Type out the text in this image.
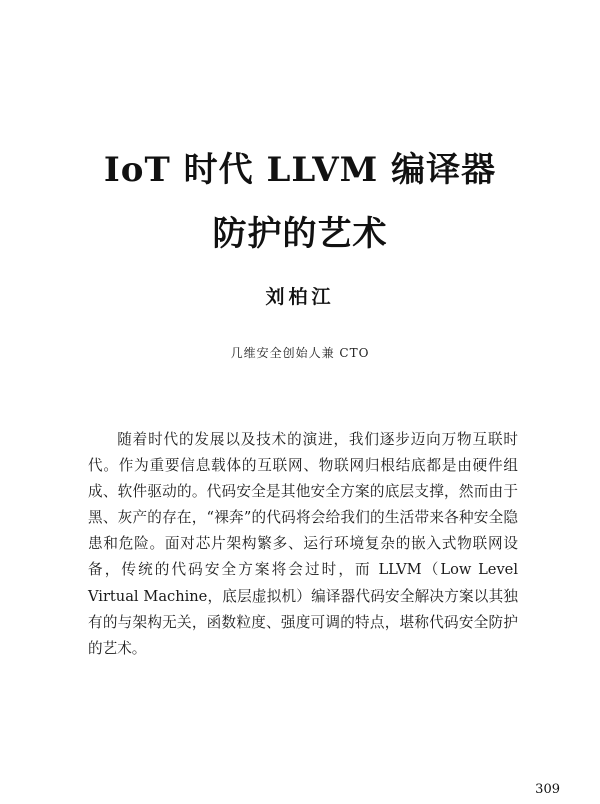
IoT 时代 LLVM 编译器
防护的艺术
刘柏江
几维安全创始人兼 CTO

随着时代的发展以及技术的演进，我们逐步迈向万物互联时代。作为重要信息载体的互联网、物联网归根结底都是由硬件组成、软件驱动的。代码安全是其他安全方案的底层支撑，然而由于黑、灰产的存在，“裸奔”的代码将会给我们的生活带来各种安全隐患和危险。面对芯片架构繁多、运行环境复杂的嵌入式物联网设备，传统的代码安全方案将会过时，而 LLVM（Low Level Virtual Machine，底层虚拟机）编译器代码安全解决方案以其独有的与架构无关，函数粒度、强度可调的特点，堪称代码安全防护的艺术。

309
